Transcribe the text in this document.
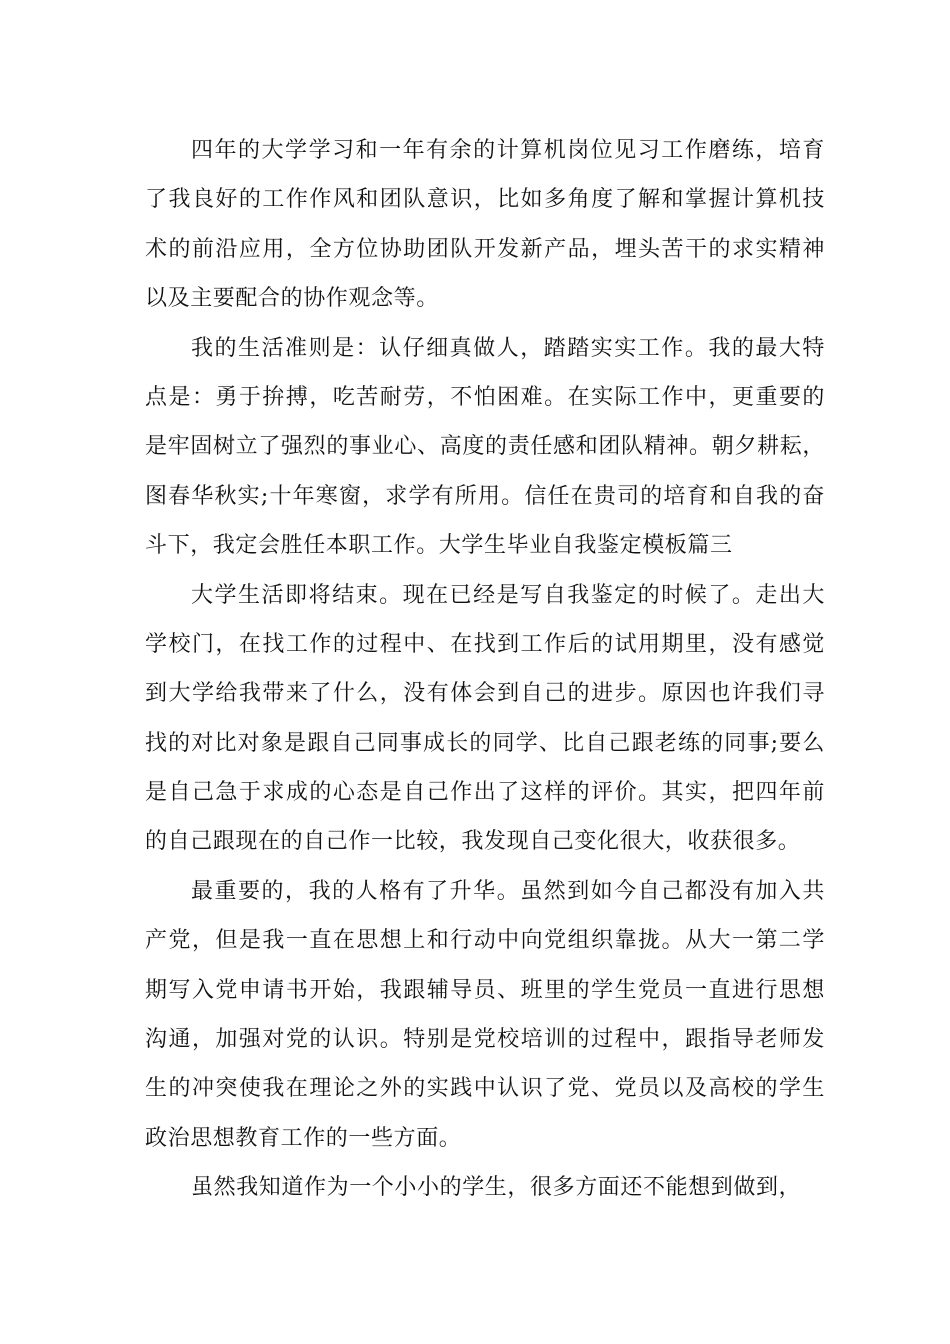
四年的大学学习和一年有余的计算机岗位见习工作磨练，培育

了我良好的工作作风和团队意识，比如多角度了解和掌握计算机技

术的前沿应用，全方位协助团队开发新产品，埋头苦干的求实精神

以及主要配合的协作观念等。

我的生活准则是：认仔细真做人，踏踏实实工作。我的最大特

点是：勇于拚搏，吃苦耐劳，不怕困难。在实际工作中，更重要的

是牢固树立了强烈的事业心、高度的责任感和团队精神。朝夕耕耘，

图春华秋实;十年寒窗，求学有所用。信任在贵司的培育和自我的奋

斗下，我定会胜任本职工作。大学生毕业自我鉴定模板篇三

大学生活即将结束。现在已经是写自我鉴定的时候了。走出大

学校门，在找工作的过程中、在找到工作后的试用期里，没有感觉

到大学给我带来了什么，没有体会到自己的进步。原因也许我们寻

找的对比对象是跟自己同事成长的同学、比自己跟老练的同事;要么

是自己急于求成的心态是自己作出了这样的评价。其实，把四年前

的自己跟现在的自己作一比较，我发现自己变化很大，收获很多。

最重要的，我的人格有了升华。虽然到如今自己都没有加入共

产党，但是我一直在思想上和行动中向党组织靠拢。从大一第二学

期写入党申请书开始，我跟辅导员、班里的学生党员一直进行思想

沟通，加强对党的认识。特别是党校培训的过程中，跟指导老师发

生的冲突使我在理论之外的实践中认识了党、党员以及高校的学生

政治思想教育工作的一些方面。

虽然我知道作为一个小小的学生，很多方面还不能想到做到，
